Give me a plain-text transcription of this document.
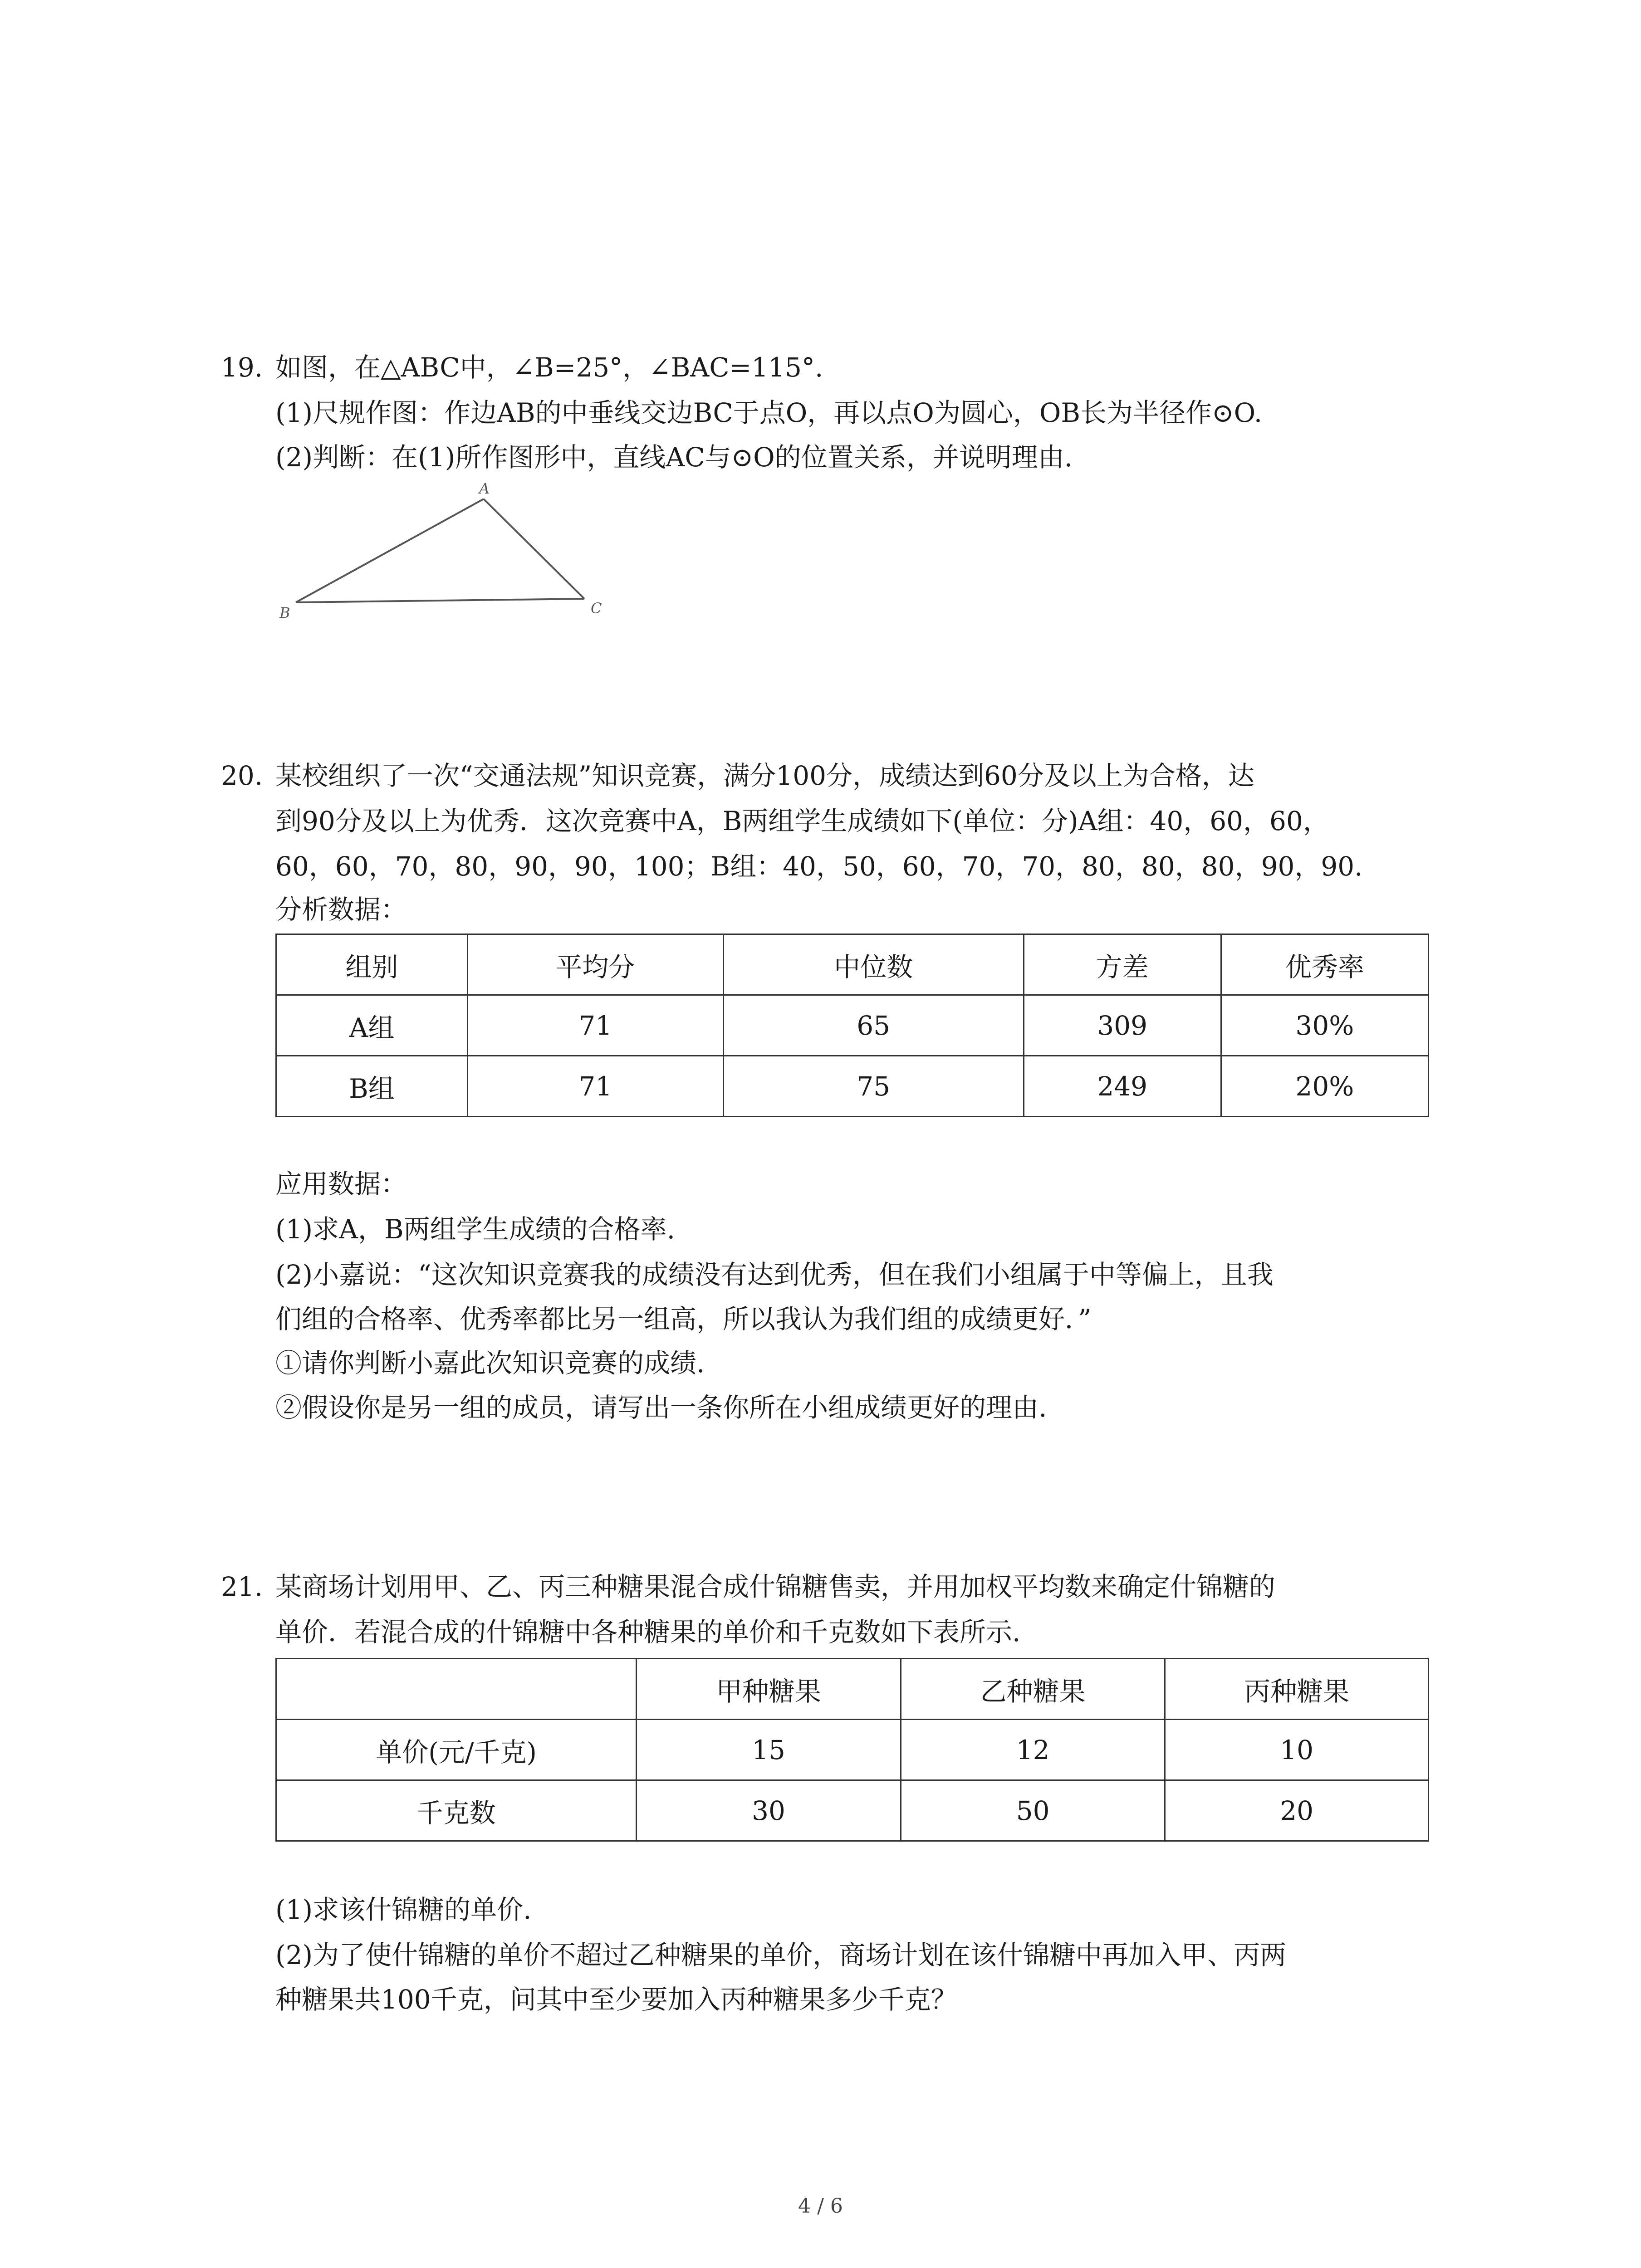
19. 如图，在△ABC中，∠B=25°，∠BAC=115°.
(1)尺规作图：作边AB的中垂线交边BC于点O，再以点O为圆心，OB长为半径作⊙O.
(2)判断：在(1)所作图形中，直线AC与⊙O的位置关系，并说明理由.
A
B	C
20. 某校组织了一次“交通法规”知识竞赛，满分100分，成绩达到60分及以上为合格，达
到90分及以上为优秀．这次竞赛中A，B两组学生成绩如下(单位：分)A组：40，60，60，
60，60，70，80，90，90，100；B组：40，50，60，70，70，80，80，80，90，90.
分析数据：
组别	平均分	中位数	方差	优秀率
A组	71	65	309	30%
B组	71	75	249	20%
应用数据：
(1)求A，B两组学生成绩的合格率.
(2)小嘉说：“这次知识竞赛我的成绩没有达到优秀，但在我们小组属于中等偏上，且我
们组的合格率、优秀率都比另一组高，所以我认为我们组的成绩更好．”
①请你判断小嘉此次知识竞赛的成绩.
②假设你是另一组的成员，请写出一条你所在小组成绩更好的理由.
21. 某商场计划用甲、乙、丙三种糖果混合成什锦糖售卖，并用加权平均数来确定什锦糖的
单价．若混合成的什锦糖中各种糖果的单价和千克数如下表所示.
	甲种糖果	乙种糖果	丙种糖果
单价(元/千克)	15	12	10
千克数	30	50	20
(1)求该什锦糖的单价.
(2)为了使什锦糖的单价不超过乙种糖果的单价，商场计划在该什锦糖中再加入甲、丙两
种糖果共100千克，问其中至少要加入丙种糖果多少千克？
4 / 6
